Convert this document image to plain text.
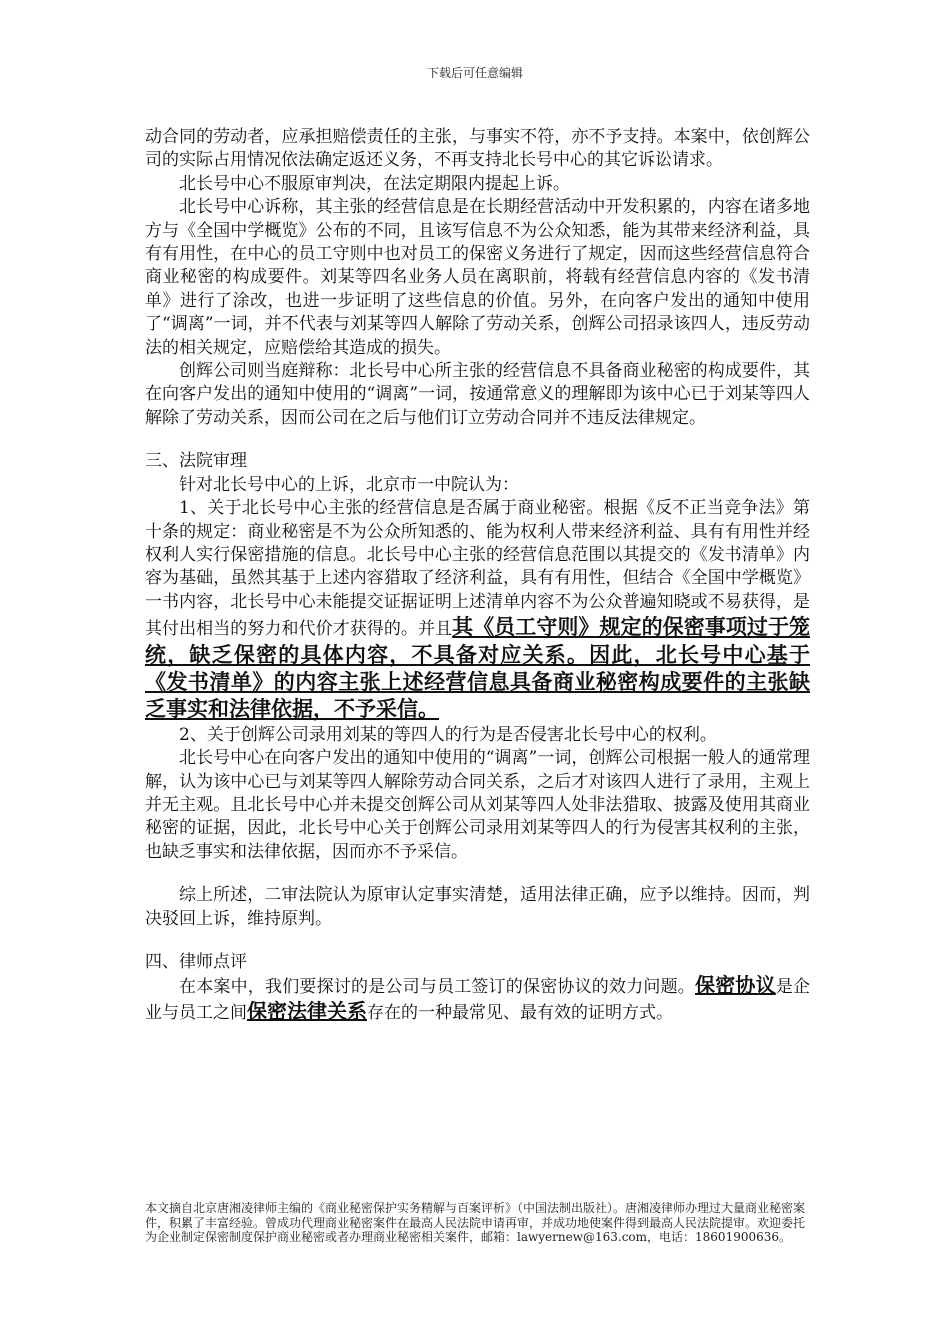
下载后可任意编辑

动合同的劳动者，应承担赔偿责任的主张，与事实不符，亦不予支持。本案中，依创辉公司的实际占用情况依法确定返还义务，不再支持北长号中心的其它诉讼请求。

北长号中心不服原审判决，在法定期限内提起上诉。

北长号中心诉称，其主张的经营信息是在长期经营活动中开发积累的，内容在诸多地方与《全国中学概览》公布的不同，且该写信息不为公众知悉，能为其带来经济利益，具有有用性，在中心的员工守则中也对员工的保密义务进行了规定，因而这些经营信息符合商业秘密的构成要件。刘某等四名业务人员在离职前，将载有经营信息内容的《发书清单》进行了涂改，也进一步证明了这些信息的价值。另外，在向客户发出的通知中使用了“调离”一词，并不代表与刘某等四人解除了劳动关系，创辉公司招录该四人，违反劳动法的相关规定，应赔偿给其造成的损失。

创辉公司则当庭辩称：北长号中心所主张的经营信息不具备商业秘密的构成要件，其在向客户发出的通知中使用的“调离”一词，按通常意义的理解即为该中心已于刘某等四人解除了劳动关系，因而公司在之后与他们订立劳动合同并不违反法律规定。

三、法院审理

针对北长号中心的上诉，北京市一中院认为：

1、关于北长号中心主张的经营信息是否属于商业秘密。根据《反不正当竞争法》第十条的规定：商业秘密是不为公众所知悉的、能为权利人带来经济利益、具有有用性并经权利人实行保密措施的信息。北长号中心主张的经营信息范围以其提交的《发书清单》内容为基础，虽然其基于上述内容猎取了经济利益，具有有用性，但结合《全国中学概览》一书内容，北长号中心未能提交证据证明上述清单内容不为公众普遍知晓或不易获得，是其付出相当的努力和代价才获得的。并且其《员工守则》规定的保密事项过于笼统，缺乏保密的具体内容，不具备对应关系。因此，北长号中心基于《发书清单》的内容主张上述经营信息具备商业秘密构成要件的主张缺乏事实和法律依据，不予采信。

2、关于创辉公司录用刘某的等四人的行为是否侵害北长号中心的权利。

北长号中心在向客户发出的通知中使用的“调离”一词，创辉公司根据一般人的通常理解，认为该中心已与刘某等四人解除劳动合同关系，之后才对该四人进行了录用，主观上并无主观。且北长号中心并未提交创辉公司从刘某等四人处非法猎取、披露及使用其商业秘密的证据，因此，北长号中心关于创辉公司录用刘某等四人的行为侵害其权利的主张，也缺乏事实和法律依据，因而亦不予采信。

综上所述，二审法院认为原审认定事实清楚，适用法律正确，应予以维持。因而，判决驳回上诉，维持原判。

四、律师点评

在本案中，我们要探讨的是公司与员工签订的保密协议的效力问题。保密协议是企业与员工之间保密法律关系存在的一种最常见、最有效的证明方式。

本文摘自北京唐湘凌律师主编的《商业秘密保护实务精解与百案评析》（中国法制出版社）。唐湘凌律师办理过大量商业秘密案件，积累了丰富经验。曾成功代理商业秘密案件在最高人民法院申请再审，并成功地使案件得到最高人民法院提审。欢迎委托为企业制定保密制度保护商业秘密或者办理商业秘密相关案件，邮箱：lawyernew@163.com，电话：18601900636。
